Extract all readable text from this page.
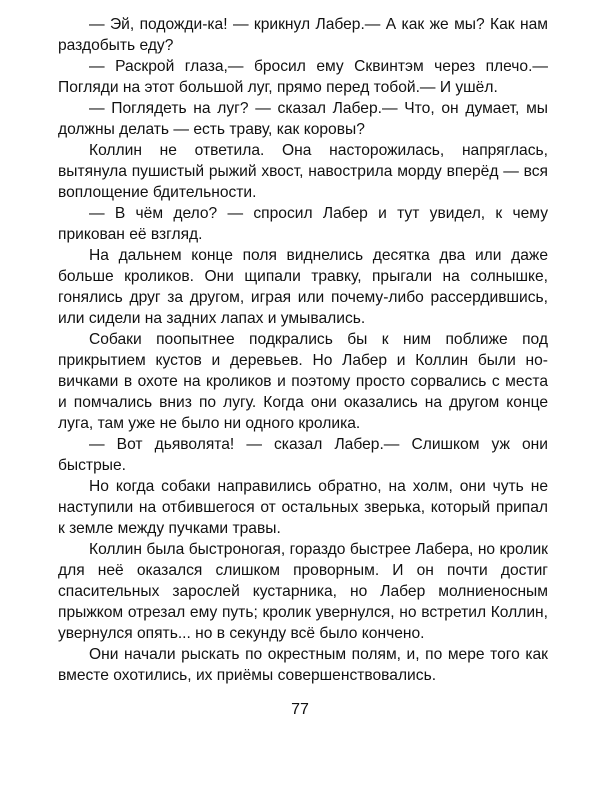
— Эй, подожди-ка! — крикнул Лабер.— А как же мы? Как нам раздобыть еду?

— Раскрой глаза,— бросил ему Сквинтэм через плечо.— Погляди на этот большой луг, прямо перед тобой.— И ушёл.

— Поглядеть на луг? — сказал Лабер.— Что, он думает, мы должны делать — есть траву, как коровы?

Коллин не ответила. Она насторожилась, напряглась, вытянула пушистый рыжий хвост, навострила морду вперёд — вся воплощение бдительности.

— В чём дело? — спросил Лабер и тут увидел, к чему прикован её взгляд.

На дальнем конце поля виднелись десятка два или даже больше кроликов. Они щипали травку, прыгали на солнышке, гонялись друг за другом, играя или почему-либо рассердившись, или сидели на задних лапах и умывались.

Собаки поопытнее подкрались бы к ним поближе под прикрытием кустов и деревьев. Но Лабер и Коллин были новичками в охоте на кроликов и поэтому просто сорвались с места и помчались вниз по лугу. Когда они оказались на другом конце луга, там уже не было ни одного кролика.

— Вот дьяволята! — сказал Лабер.— Слишком уж они быстрые.

Но когда собаки направились обратно, на холм, они чуть не наступили на отбившегося от остальных зверька, который припал к земле между пучками травы.

Коллин была быстроногая, гораздо быстрее Лабера, но кролик для неё оказался слишком проворным. И он почти достиг спасительных зарослей кустарника, но Лабер молниеносным прыжком отрезал ему путь; кролик увернулся, но встретил Коллин, увернулся опять... но в секунду всё было кончено.

Они начали рыскать по окрестным полям, и, по мере того как вместе охотились, их приёмы совершенствовались.

77
